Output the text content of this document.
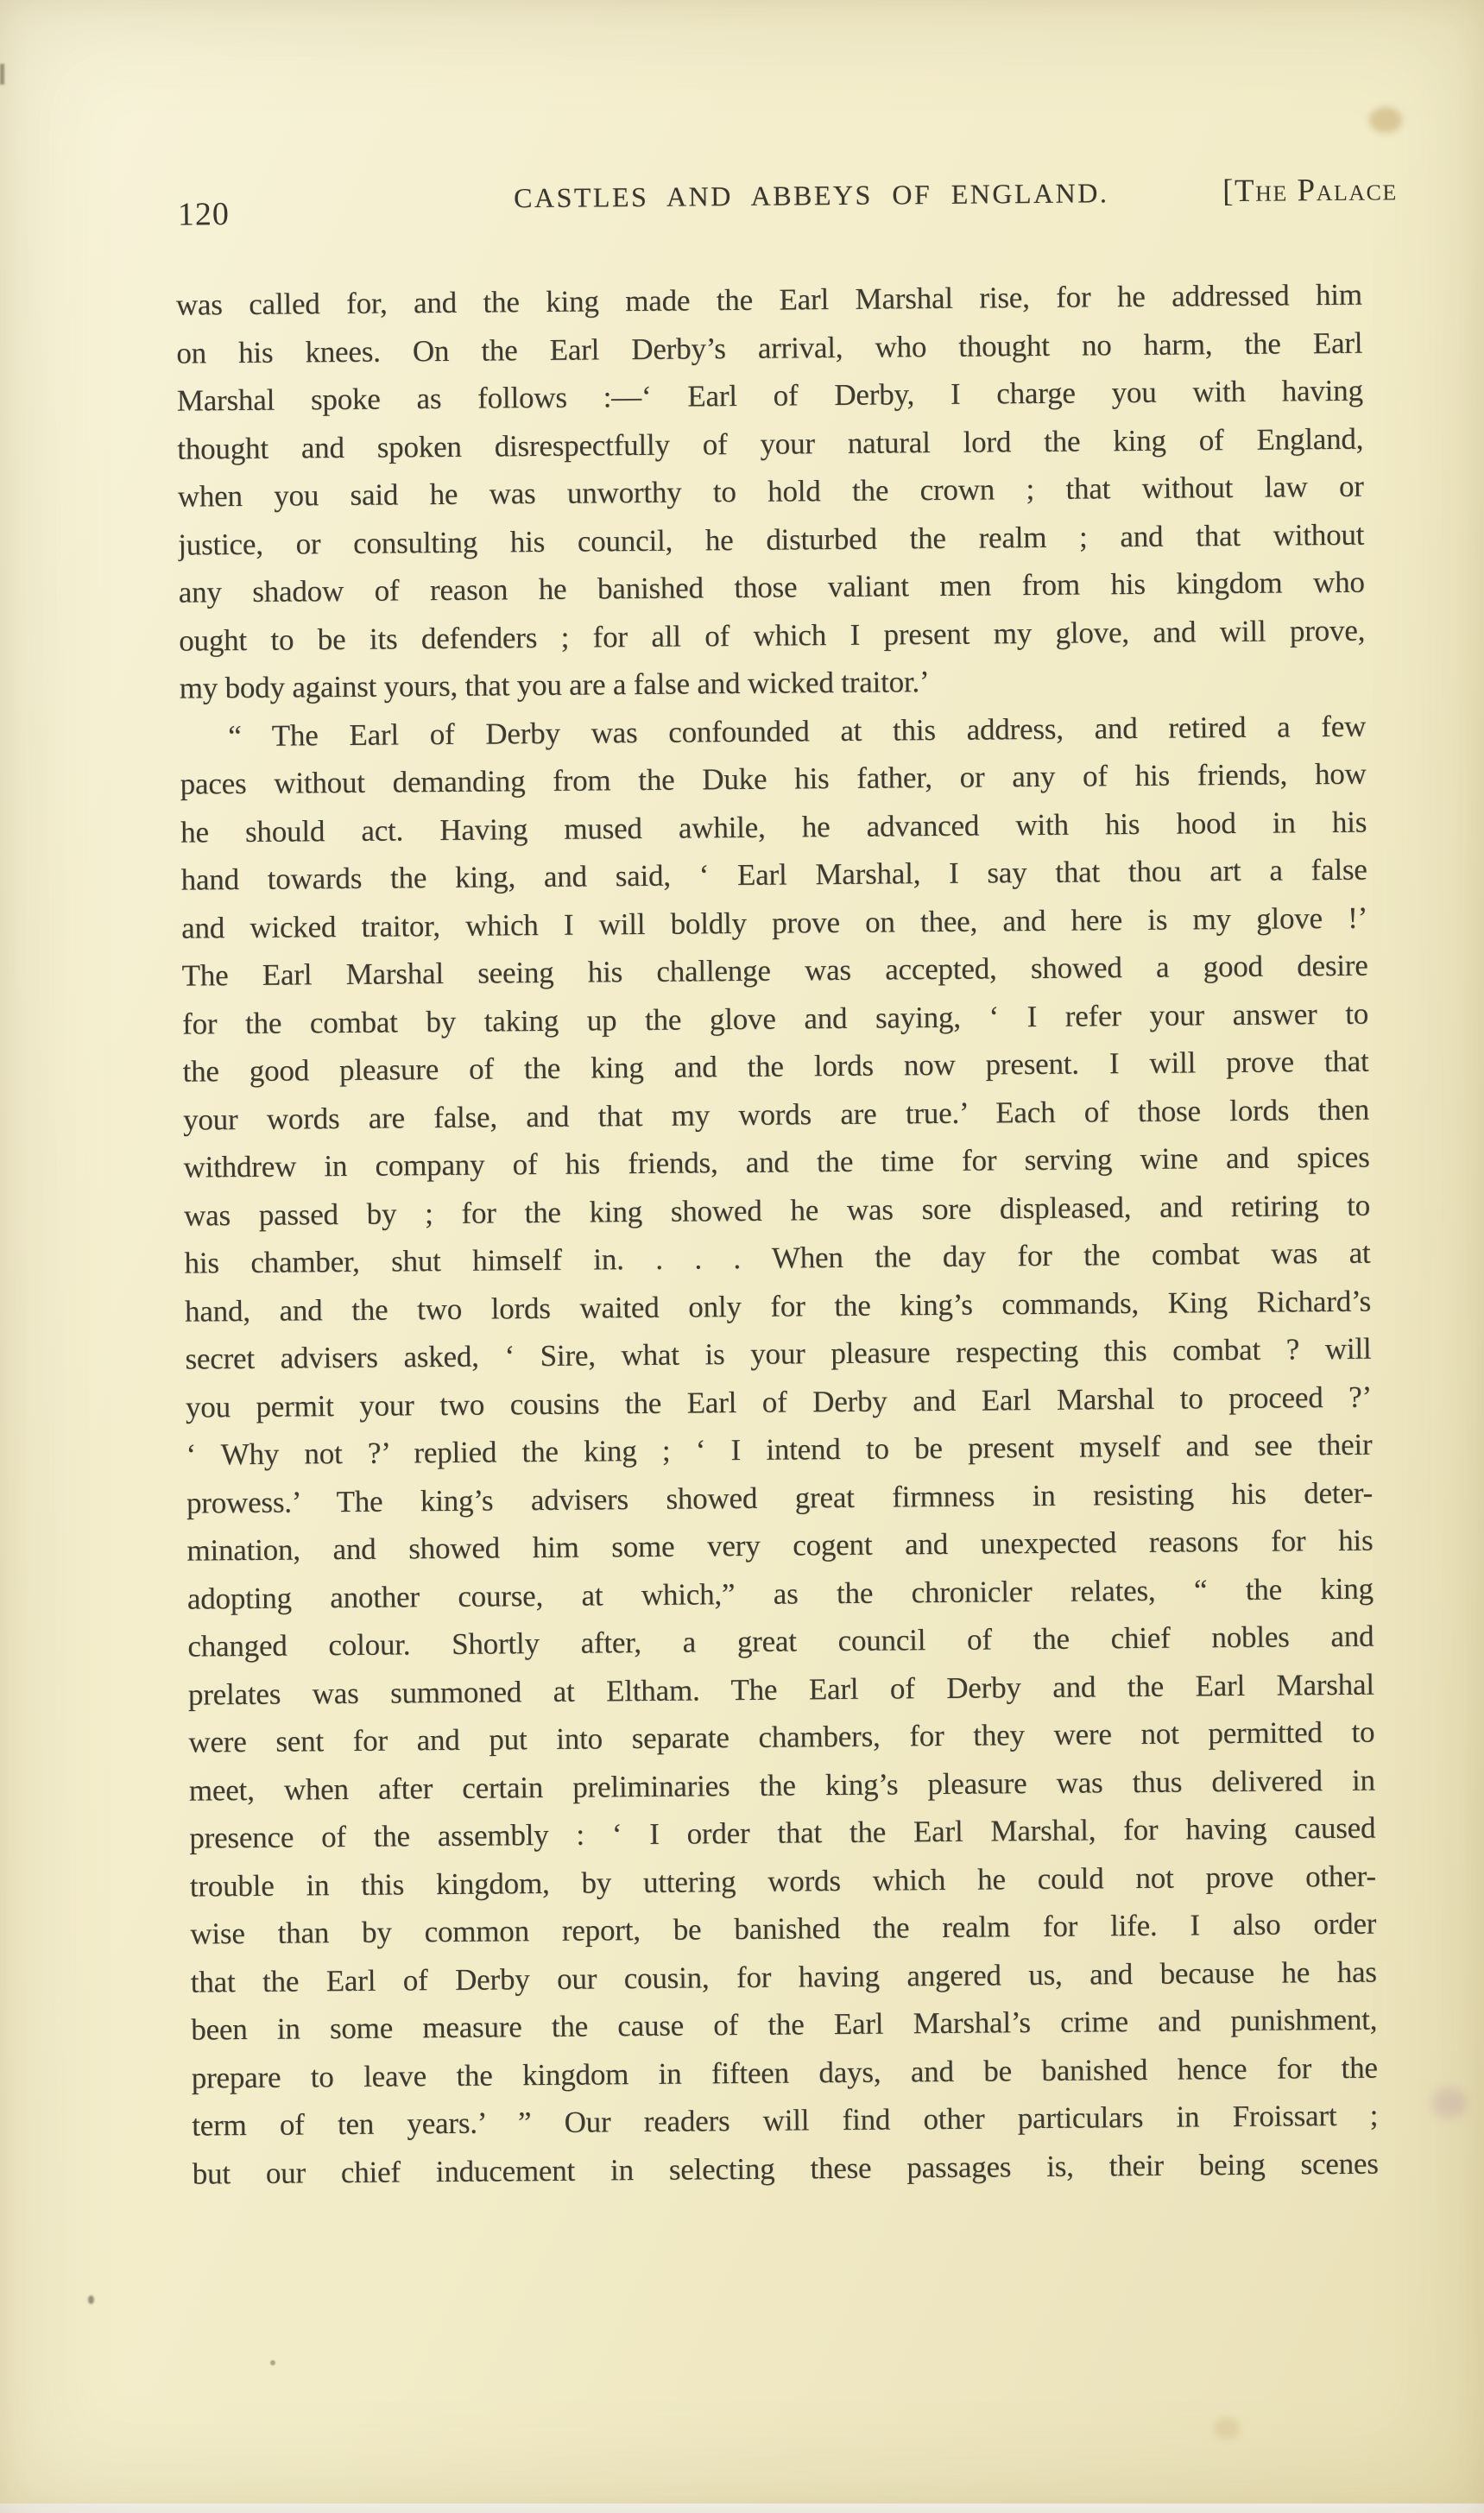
120
CASTLES AND ABBEYS OF ENGLAND.	[The Palace
was called for, and the king made the Earl Marshal rise, for he addressed him
on his knees. On the Earl Derby’s arrival, who thought no harm, the Earl
Marshal spoke as follows :—‘ Earl of Derby, I charge you with having
thought and spoken disrespectfully of your natural lord the king of England,
when you said he was unworthy to hold the crown ; that without law or
justice, or consulting his council, he disturbed the realm ; and that without
any shadow of reason he banished those valiant men from his kingdom who
ought to be its defenders ; for all of which I present my glove, and will prove,
my body against yours, that you are a false and wicked traitor.’
“ The Earl of Derby was confounded at this address, and retired a few
paces without demanding from the Duke his father, or any of his friends, how
he should act. Having mused awhile, he advanced with his hood in his
hand towards the king, and said, ‘ Earl Marshal, I say that thou art a false
and wicked traitor, which I will boldly prove on thee, and here is my glove !’
The Earl Marshal seeing his challenge was accepted, showed a good desire
for the combat by taking up the glove and saying, ‘ I refer your answer to
the good pleasure of the king and the lords now present. I will prove that
your words are false, and that my words are true.’ Each of those lords then
withdrew in company of his friends, and the time for serving wine and spices
was passed by ; for the king showed he was sore displeased, and retiring to
his chamber, shut himself in. . . . When the day for the combat was at
hand, and the two lords waited only for the king’s commands, King Richard’s
secret advisers asked, ‘ Sire, what is your pleasure respecting this combat ? will
you permit your two cousins the Earl of Derby and Earl Marshal to proceed ?’
‘ Why not ?’ replied the king ; ‘ I intend to be present myself and see their
prowess.’ The king’s advisers showed great firmness in resisting his deter-
mination, and showed him some very cogent and unexpected reasons for his
adopting another course, at which,” as the chronicler relates, “ the king
changed colour. Shortly after, a great council of the chief nobles and
prelates was summoned at Eltham. The Earl of Derby and the Earl Marshal
were sent for and put into separate chambers, for they were not permitted to
meet, when after certain preliminaries the king’s pleasure was thus delivered in
presence of the assembly : ‘ I order that the Earl Marshal, for having caused
trouble in this kingdom, by uttering words which he could not prove other-
wise than by common report, be banished the realm for life. I also order
that the Earl of Derby our cousin, for having angered us, and because he has
been in some measure the cause of the Earl Marshal’s crime and punishment,
prepare to leave the kingdom in fifteen days, and be banished hence for the
term of ten years.’ ” Our readers will find other particulars in Froissart ;
but our chief inducement in selecting these passages is, their being scenes
